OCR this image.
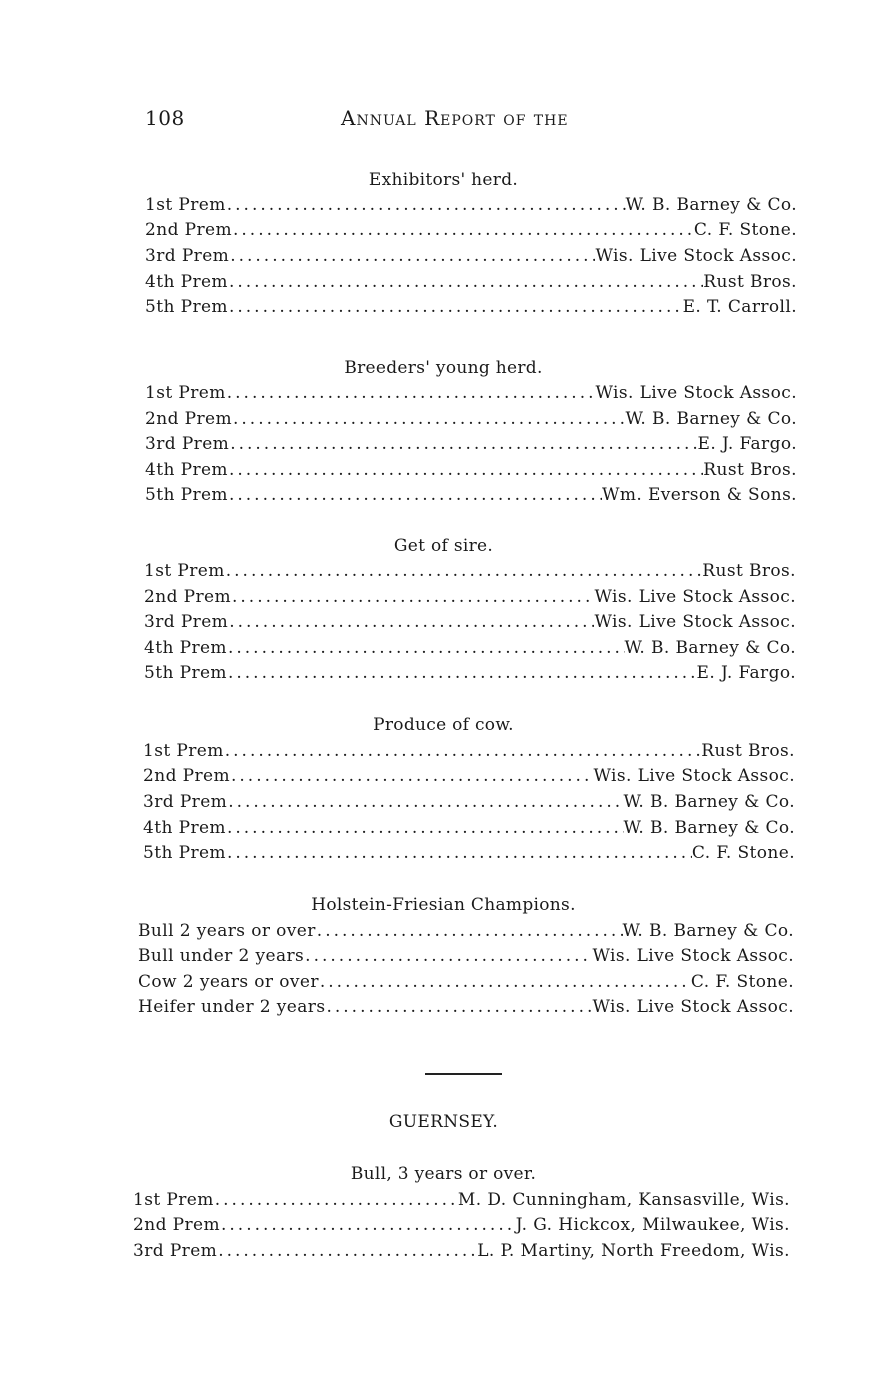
108	Annual Report of the
Exhibitors' herd.
1st Prem .....	W. B. Barney & Co.
2nd Prem .....	C. F. Stone.
3rd Prem .....	Wis. Live Stock Assoc.
4th Prem .....	Rust Bros.
5th Prem .....	E. T. Carroll.
Breeders' young herd.
1st Prem .....	Wis. Live Stock Assoc.
2nd Prem .....	W. B. Barney & Co.
3rd Prem .....	E. J. Fargo.
4th Prem .....	Rust Bros.
5th Prem .....	Wm. Everson & Sons.
Get of sire.
1st Prem .....	Rust Bros.
2nd Prem .....	Wis. Live Stock Assoc.
3rd Prem .....	Wis. Live Stock Assoc.
4th Prem .....	W. B. Barney & Co.
5th Prem .....	E. J. Fargo.
Produce of cow.
1st Prem .....	Rust Bros.
2nd Prem .....	Wis. Live Stock Assoc.
3rd Prem .....	W. B. Barney & Co.
4th Prem .....	W. B. Barney & Co.
5th Prem .....	C. F. Stone.
Holstein-Friesian Champions.
Bull 2 years or over .....	W. B. Barney & Co.
Bull under 2 years .....	Wis. Live Stock Assoc.
Cow 2 years or over .....	C. F. Stone.
Heifer under 2 years .....	Wis. Live Stock Assoc.
GUERNSEY.
Bull, 3 years or over.
1st Prem .....	M. D. Cunningham, Kansasville, Wis.
2nd Prem .....	J. G. Hickcox, Milwaukee, Wis.
3rd Prem .....	L. P. Martiny, North Freedom, Wis.
